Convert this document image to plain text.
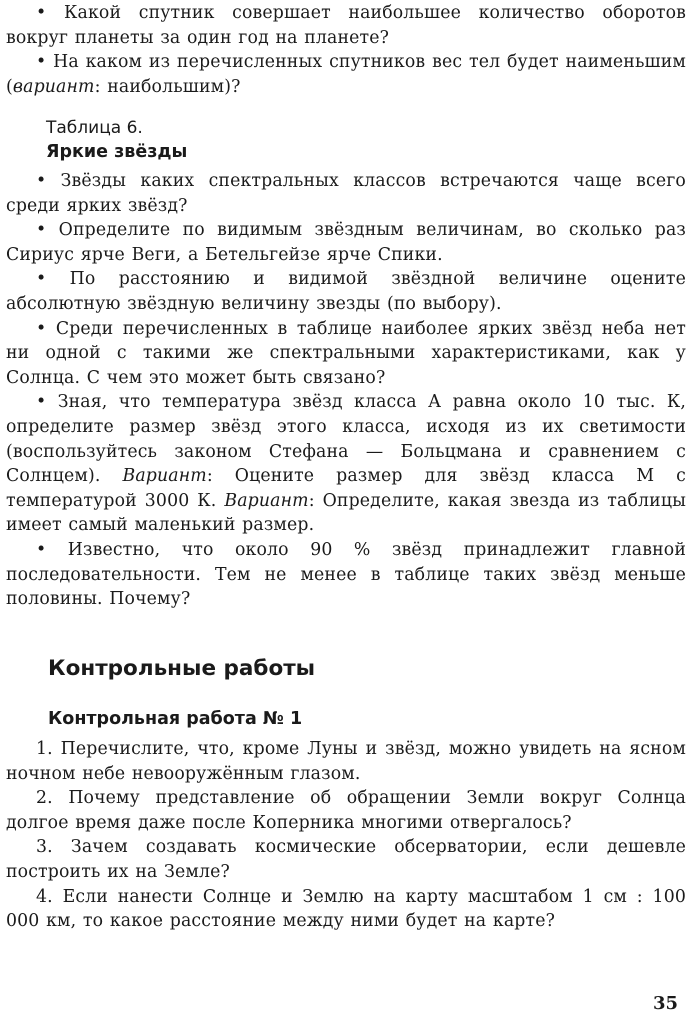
• Какой спутник совершает наибольшее количество оборотов вокруг планеты за один год на планете?

• На каком из перечисленных спутников вес тел будет наименьшим (вариант: наибольшим)?

Таблица 6.

Яркие звёзды

• Звёзды каких спектральных классов встречаются чаще всего среди ярких звёзд?

• Определите по видимым звёздным величинам, во сколько раз Сириус ярче Веги, а Бетельгейзе ярче Спики.

• По расстоянию и видимой звёздной величине оцените абсолютную звёздную величину звезды (по выбору).

• Среди перечисленных в таблице наиболее ярких звёзд неба нет ни одной с такими же спектральными характеристиками, как у Солнца. С чем это может быть связано?

• Зная, что температура звёзд класса А равна около 10 тыс. К, определите размер звёзд этого класса, исходя из их светимости (воспользуйтесь законом Стефана — Больцмана и сравнением с Солнцем). Вариант: Оцените размер для звёзд класса М с температурой 3000 К. Вариант: Определите, какая звезда из таблицы имеет самый маленький размер.

• Известно, что около 90 % звёзд принадлежит главной последовательности. Тем не менее в таблице таких звёзд меньше половины. Почему?

Контрольные работы

Контрольная работа № 1

1. Перечислите, что, кроме Луны и звёзд, можно увидеть на ясном ночном небе невооружённым глазом.

2. Почему представление об обращении Земли вокруг Солнца долгое время даже после Коперника многими отвергалось?

3. Зачем создавать космические обсерватории, если дешевле построить их на Земле?

4. Если нанести Солнце и Землю на карту масштабом 1 см : 100 000 км, то какое расстояние между ними будет на карте?

35
